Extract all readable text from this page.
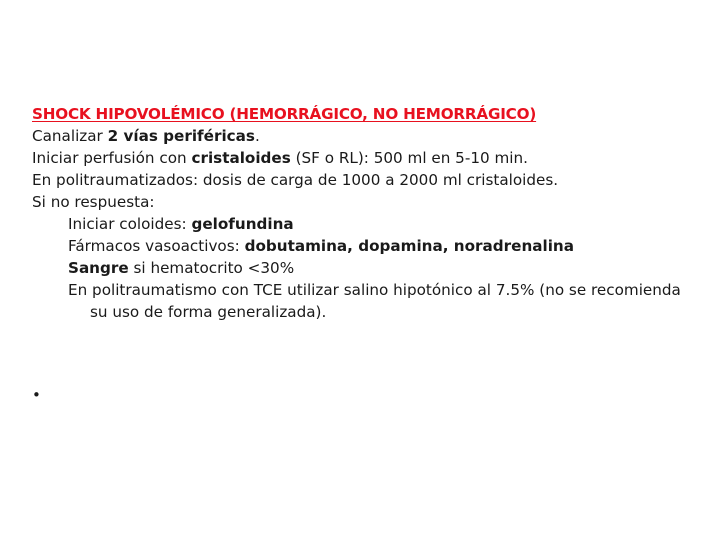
SHOCK HIPOVOLÉMICO (HEMORRÁGICO, NO HEMORRÁGICO)

Canalizar 2 vías periféricas.

Iniciar perfusión con cristaloides (SF o RL): 500 ml en 5-10 min.

En politraumatizados: dosis de carga de 1000 a 2000 ml cristaloides.

Si no respuesta:

Iniciar coloides: gelofundina

Fármacos vasoactivos: dobutamina, dopamina, noradrenalina

Sangre si hematocrito <30%

En politraumatismo con TCE utilizar salino hipotónico al 7.5% (no se recomienda su uso de forma generalizada).

•
